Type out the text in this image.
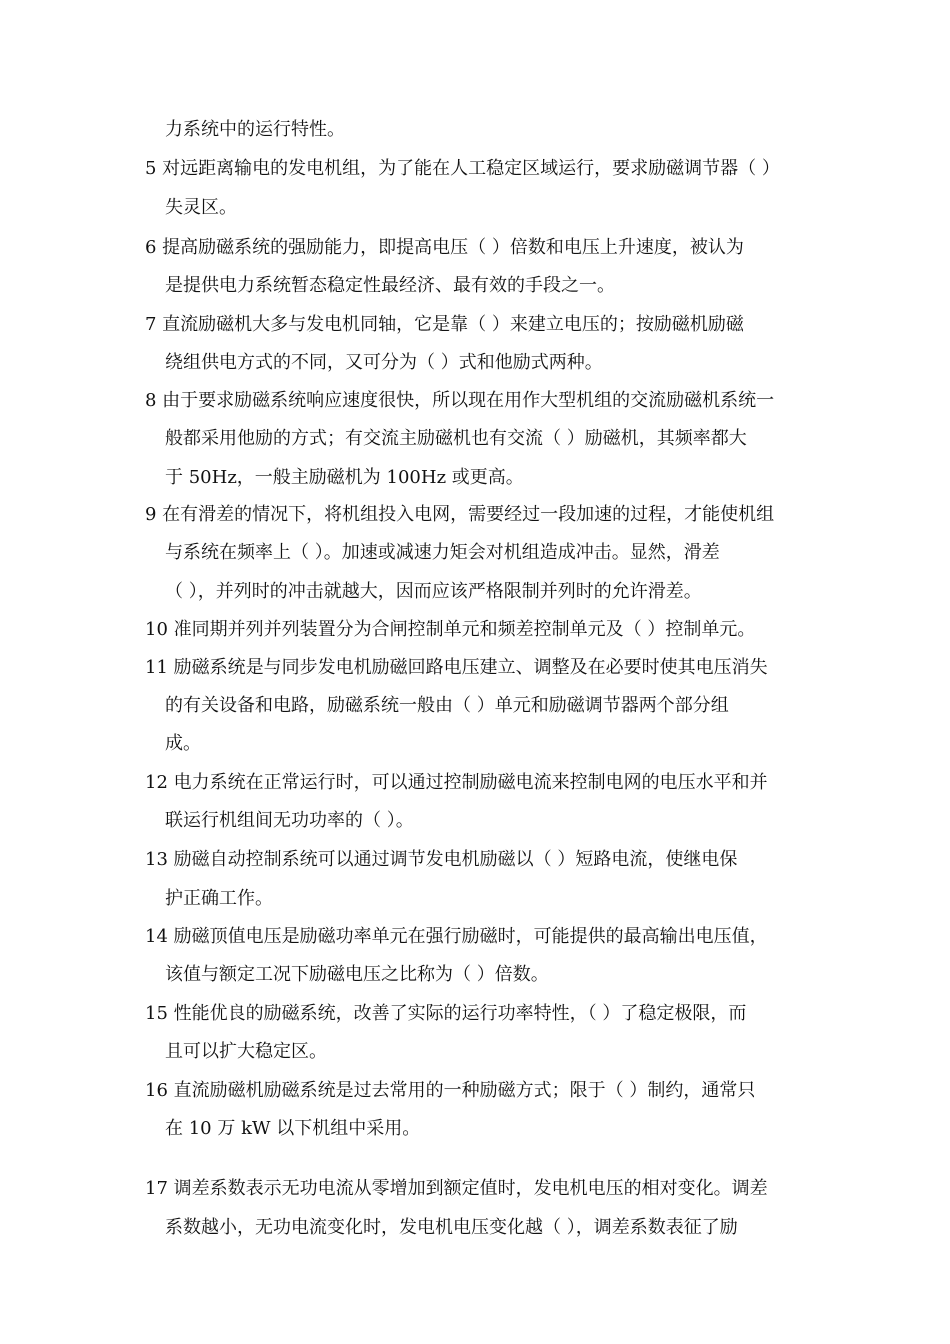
力系统中的运行特性。
5 对远距离输电的发电机组，为了能在人工稳定区域运行，要求励磁调节器（ ）
失灵区。
6 提高励磁系统的强励能力，即提高电压（ ）倍数和电压上升速度，被认为
是提供电力系统暂态稳定性最经济、最有效的手段之一。
7 直流励磁机大多与发电机同轴，它是靠（ ）来建立电压的；按励磁机励磁
绕组供电方式的不同，又可分为（ ）式和他励式两种。
8 由于要求励磁系统响应速度很快，所以现在用作大型机组的交流励磁机系统一
般都采用他励的方式；有交流主励磁机也有交流（ ）励磁机，其频率都大
于 50Hz，一般主励磁机为 100Hz 或更高。
9 在有滑差的情况下，将机组投入电网，需要经过一段加速的过程，才能使机组
与系统在频率上（ ）。加速或减速力矩会对机组造成冲击。显然，滑差
（ ），并列时的冲击就越大，因而应该严格限制并列时的允许滑差。
10 准同期并列并列装置分为合闸控制单元和频差控制单元及（ ）控制单元。
11 励磁系统是与同步发电机励磁回路电压建立、调整及在必要时使其电压消失
的有关设备和电路，励磁系统一般由（ ）单元和励磁调节器两个部分组
成。
12 电力系统在正常运行时，可以通过控制励磁电流来控制电网的电压水平和并
联运行机组间无功功率的（ ）。
13 励磁自动控制系统可以通过调节发电机励磁以（ ）短路电流，使继电保
护正确工作。
14 励磁顶值电压是励磁功率单元在强行励磁时，可能提供的最高输出电压值，
该值与额定工况下励磁电压之比称为（ ）倍数。
15 性能优良的励磁系统，改善了实际的运行功率特性，（ ）了稳定极限，而
且可以扩大稳定区。
16 直流励磁机励磁系统是过去常用的一种励磁方式；限于（ ）制约，通常只
在 10 万 kW 以下机组中采用。
17 调差系数表示无功电流从零增加到额定值时，发电机电压的相对变化。调差
系数越小，无功电流变化时，发电机电压变化越（ ），调差系数表征了励
